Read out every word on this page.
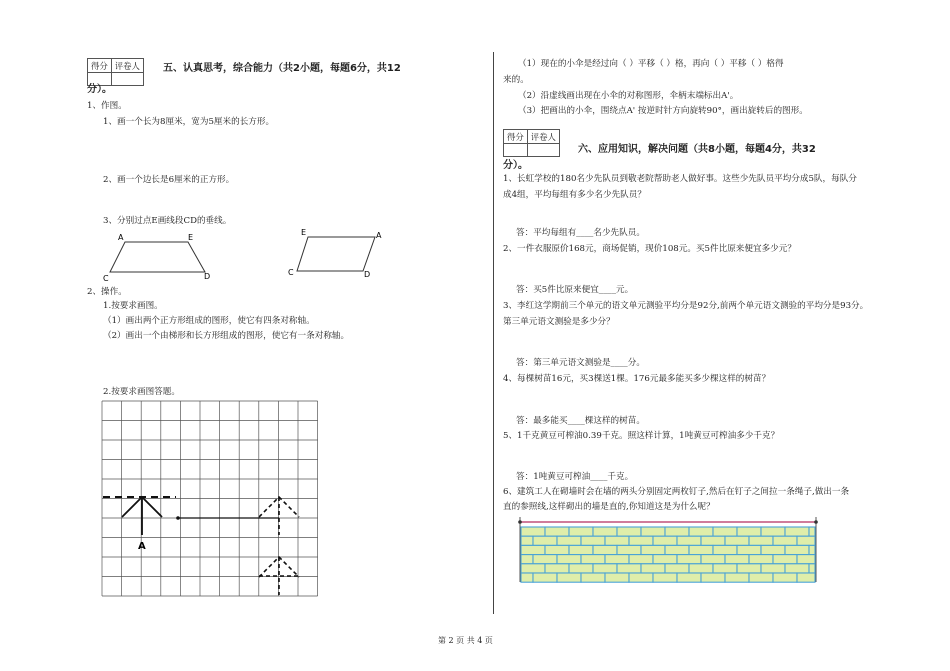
得分	评卷人
	五、认真思考，综合能力（共2小题，每题6分，共12
分）。
1、作图。
1、画一个长为8厘米，宽为5厘米的长方形。
2、画一个边长是6厘米的正方形。
3、分别过点E画线段CD的垂线。
A	E
C	D
E	A
C	D
2、操作。
1.按要求画图。
（1）画出两个正方形组成的图形，使它有四条对称轴。
（2）画出一个由梯形和长方形组成的图形，使它有一条对称轴。
2.按要求画图答题。
A
（1）现在的小伞是经过向（ ）平移（ ）格，再向（ ）平移（ ）格得
来的。
（2）沿虚线画出现在小伞的对称图形，伞柄末端标出A'。
（3）把画出的小伞，围绕点A' 按逆时针方向旋转90°，画出旋转后的图形。
得分	评卷人

六、应用知识，解决问题（共8小题，每题4分，共32
分）。
1、长虹学校的180名少先队员到敬老院帮助老人做好事。这些少先队员平均分成5队，每队分
成4组，平均每组有多少名少先队员？
答：平均每组有____名少先队员。
2、一件衣服原价168元，商场促销，现价108元。买5件比原来便宜多少元？
答：买5件比原来便宜____元。
3、李红这学期前三个单元的语文单元测验平均分是92分,前两个单元语文测验的平均分是93分。
第三单元语文测验是多少分？
答：第三单元语文测验是____分。
4、每棵树苗16元，买3棵送1棵。176元最多能买多少棵这样的树苗？
答：最多能买____棵这样的树苗。
5、1千克黄豆可榨油0.39千克。照这样计算，1吨黄豆可榨油多少千克？
答：1吨黄豆可榨油____千克。
6、建筑工人在砌墙时会在墙的两头分别固定两枚钉子,然后在钉子之间拉一条绳子,做出一条
直的参照线,这样砌出的墙是直的,你知道这是为什么呢？
第 2 页 共 4 页
